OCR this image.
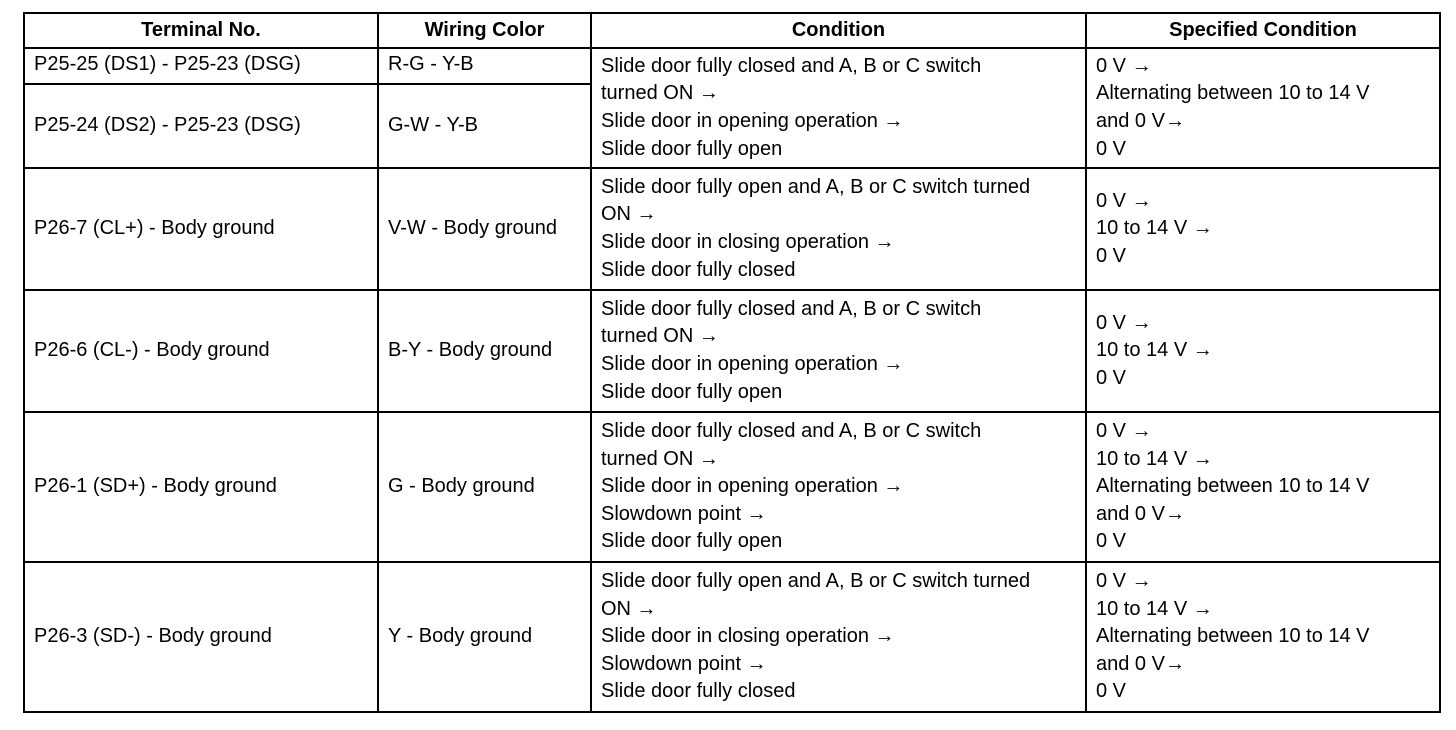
Terminal No.	Wiring Color	Condition	Specified Condition
P25-25 (DS1) - P25-23 (DSG)	R-G - Y-B	Slide door fully closed and A, B or C switch
turned ON →
Slide door in opening operation →
Slide door fully open	0 V →
Alternating between 10 to 14 V
and 0 V→
0 V
P25-24 (DS2) - P25-23 (DSG)	G-W - Y-B		
P26-7 (CL+) - Body ground	V-W - Body ground	Slide door fully open and A, B or C switch turned
ON →
Slide door in closing operation →
Slide door fully closed	0 V →
10 to 14 V →
0 V
P26-6 (CL-) - Body ground	B-Y - Body ground	Slide door fully closed and A, B or C switch
turned ON →
Slide door in opening operation →
Slide door fully open	0 V →
10 to 14 V →
0 V
P26-1 (SD+) - Body ground	G - Body ground	Slide door fully closed and A, B or C switch
turned ON →
Slide door in opening operation →
Slowdown point →
Slide door fully open	0 V →
10 to 14 V →
Alternating between 10 to 14 V
and 0 V→
0 V
P26-3 (SD-) - Body ground	Y - Body ground	Slide door fully open and A, B or C switch turned
ON →
Slide door in closing operation →
Slowdown point →
Slide door fully closed	0 V →
10 to 14 V →
Alternating between 10 to 14 V
and 0 V→
0 V
